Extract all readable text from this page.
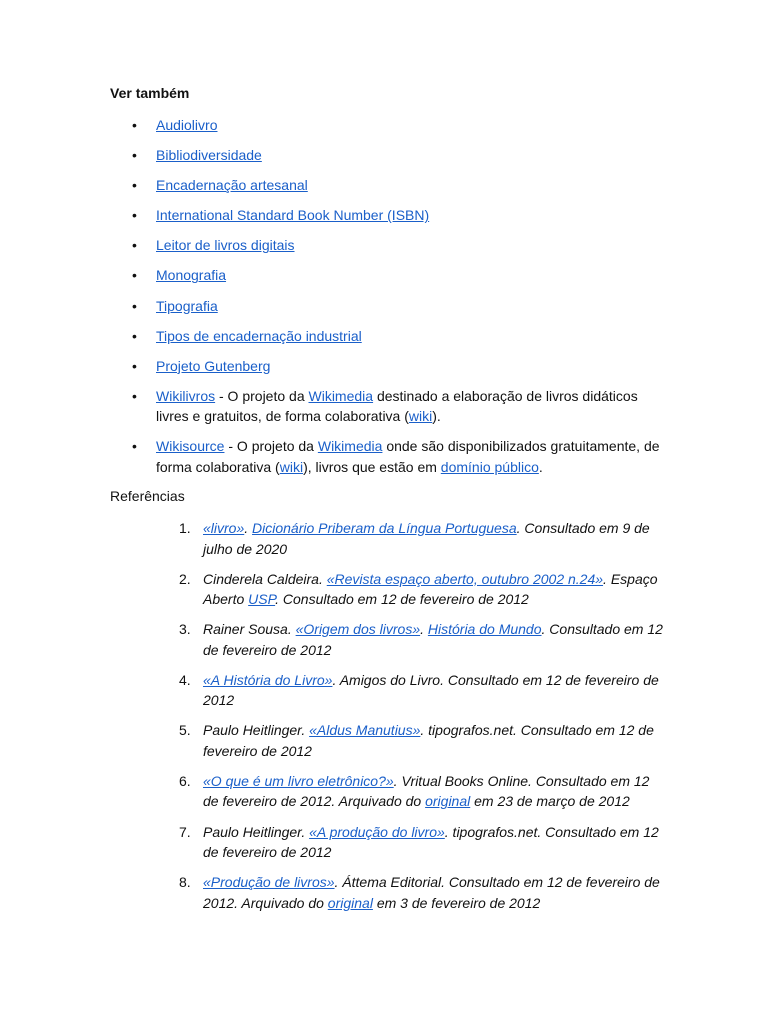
Ver também
• Audiolivro
• Bibliodiversidade
• Encadernação artesanal
• International Standard Book Number (ISBN)
• Leitor de livros digitais
• Monografia
• Tipografia
• Tipos de encadernação industrial
• Projeto Gutenberg
• Wikilivros - O projeto da Wikimedia destinado a elaboração de livros didáticos livres e gratuitos, de forma colaborativa (wiki).
• Wikisource - O projeto da Wikimedia onde são disponibilizados gratuitamente, de forma colaborativa (wiki), livros que estão em domínio público.
Referências
1. «livro». Dicionário Priberam da Língua Portuguesa. Consultado em 9 de julho de 2020
2. Cinderela Caldeira. «Revista espaço aberto, outubro 2002 n.24». Espaço Aberto USP. Consultado em 12 de fevereiro de 2012
3. Rainer Sousa. «Origem dos livros». História do Mundo. Consultado em 12 de fevereiro de 2012
4. «A História do Livro». Amigos do Livro. Consultado em 12 de fevereiro de 2012
5. Paulo Heitlinger. «Aldus Manutius». tipografos.net. Consultado em 12 de fevereiro de 2012
6. «O que é um livro eletrônico?». Vritual Books Online. Consultado em 12 de fevereiro de 2012. Arquivado do original em 23 de março de 2012
7. Paulo Heitlinger. «A produção do livro». tipografos.net. Consultado em 12 de fevereiro de 2012
8. «Produção de livros». Áttema Editorial. Consultado em 12 de fevereiro de 2012. Arquivado do original em 3 de fevereiro de 2012
